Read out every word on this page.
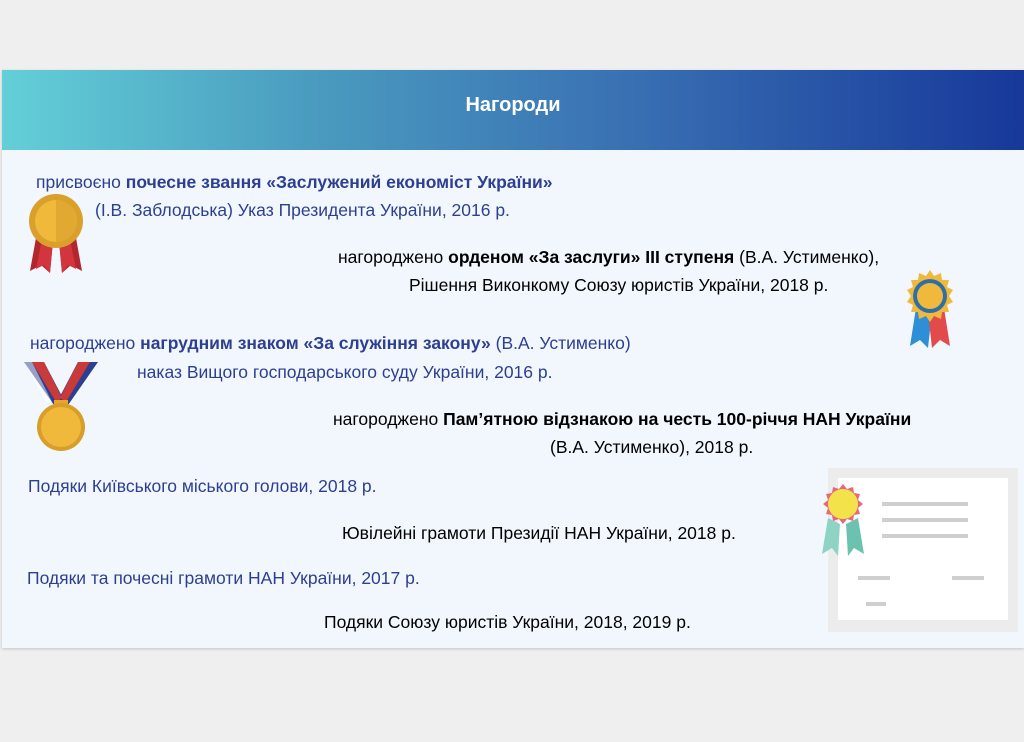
Нагороди
присвоєно почесне звання «Заслужений економіст України»
(І.В. Заблодська) Указ Президента України, 2016 р.
нагороджено орденом «За заслуги» ІІІ ступеня (В.А. Устименко),
Рішення Виконкому Союзу юристів України, 2018 р.
нагороджено нагрудним знаком «За служіння закону» (В.А. Устименко)
наказ Вищого господарського суду України, 2016 р.
нагороджено Пам’ятною відзнакою на честь 100-річчя НАН України
(В.А. Устименко), 2018 р.
Подяки Київського міського голови, 2018 р.
Ювілейні грамоти Президії НАН України, 2018 р.
Подяки та почесні грамоти НАН України, 2017 р.
Подяки Союзу юристів України, 2018, 2019 р.
